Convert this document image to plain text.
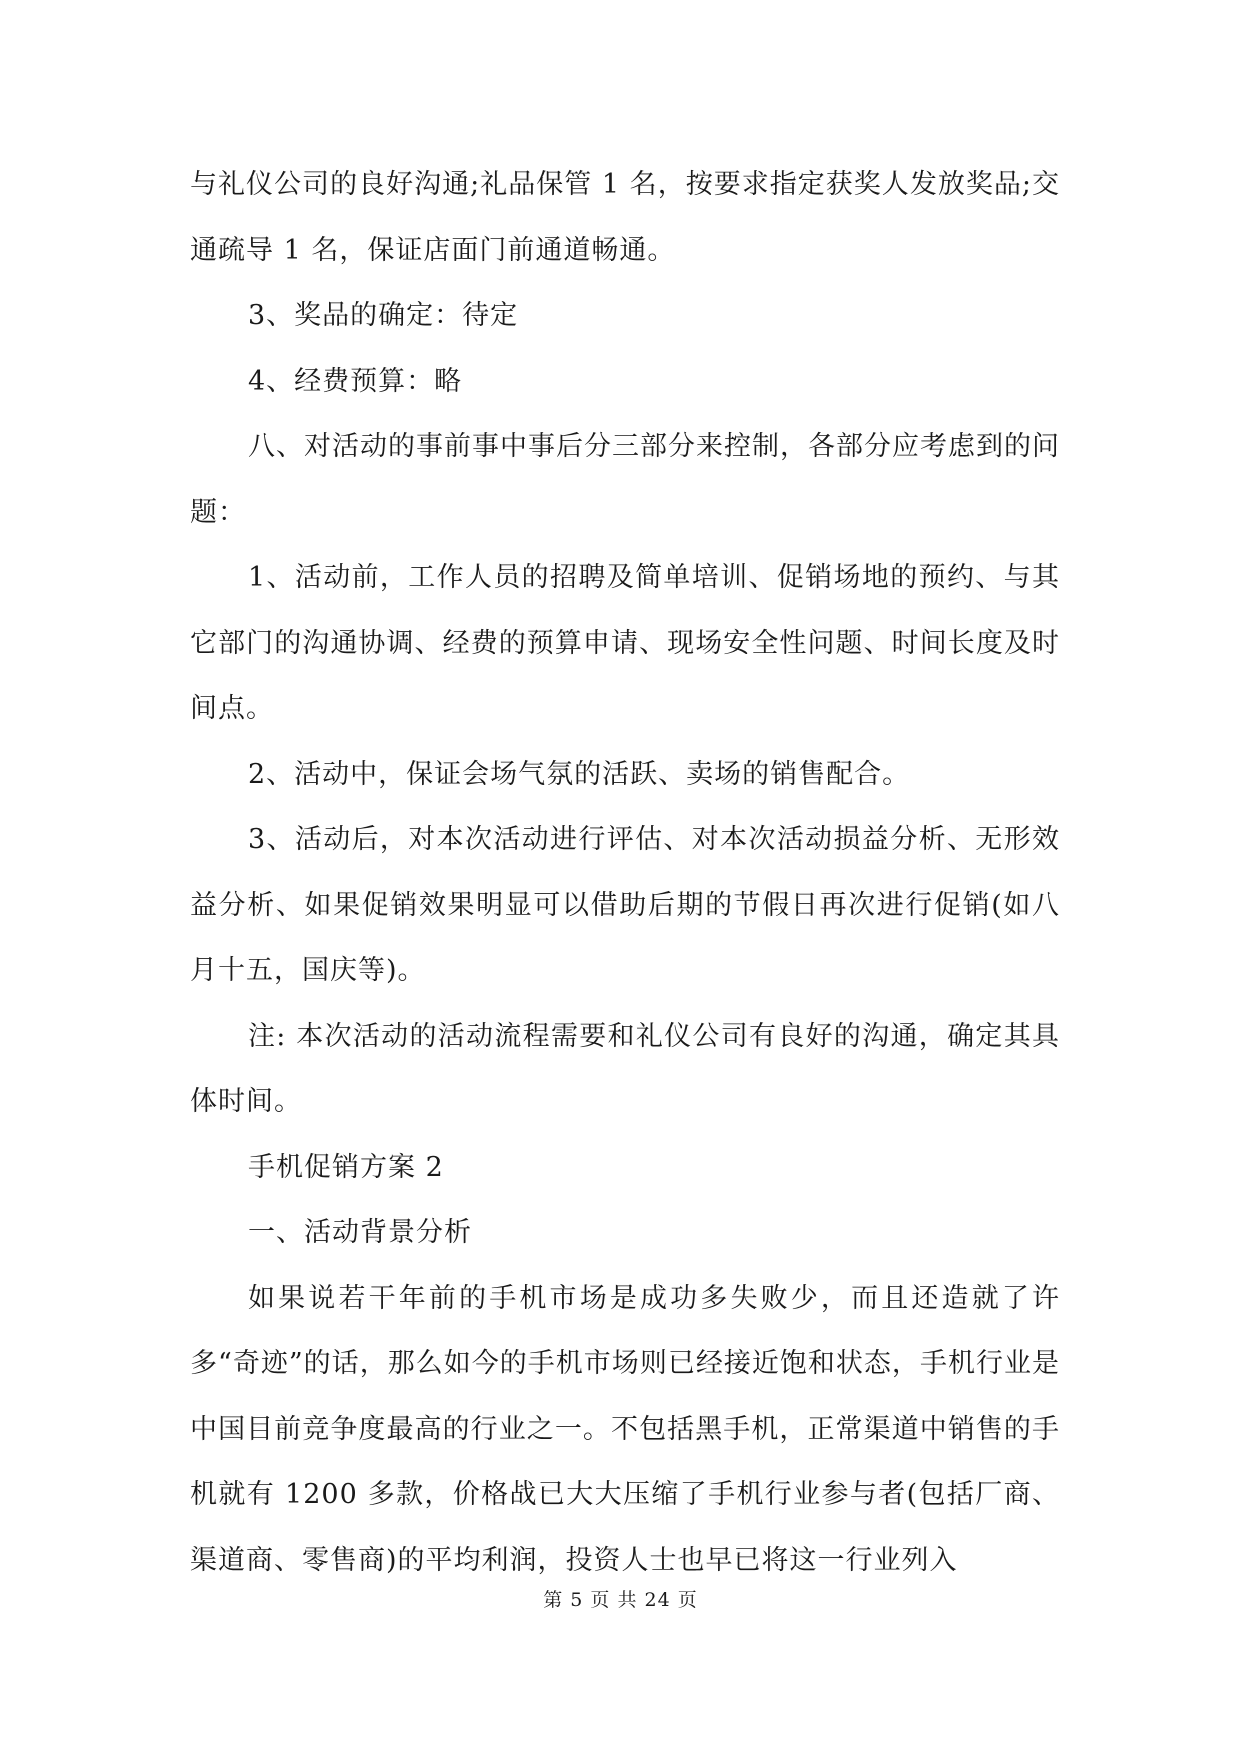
与礼仪公司的良好沟通;礼品保管 1 名，按要求指定获奖人发放奖品;交通疏导 1 名，保证店面门前通道畅通。

3、奖品的确定：待定

4、经费预算：略

八、对活动的事前事中事后分三部分来控制，各部分应考虑到的问题：

1、活动前，工作人员的招聘及简单培训、促销场地的预约、与其它部门的沟通协调、经费的预算申请、现场安全性问题、时间长度及时间点。

2、活动中，保证会场气氛的活跃、卖场的销售配合。

3、活动后，对本次活动进行评估、对本次活动损益分析、无形效益分析、如果促销效果明显可以借助后期的节假日再次进行促销(如八月十五，国庆等)。

注: 本次活动的活动流程需要和礼仪公司有良好的沟通，确定其具体时间。

手机促销方案 2

一、活动背景分析

如果说若干年前的手机市场是成功多失败少，而且还造就了许多“奇迹”的话，那么如今的手机市场则已经接近饱和状态，手机行业是中国目前竞争度最高的行业之一。不包括黑手机，正常渠道中销售的手机就有 1200 多款，价格战已大大压缩了手机行业参与者(包括厂商、渠道商、零售商)的平均利润，投资人士也早已将这一行业列入

第 5 页 共 24 页
